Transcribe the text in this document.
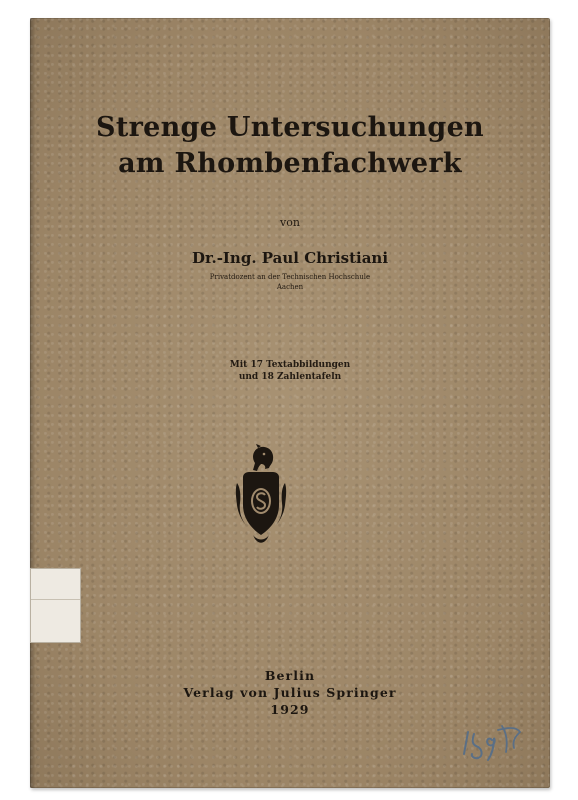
Strenge Untersuchungen
am Rhombenfachwerk
von
Dr.-Ing. Paul Christiani
Privatdozent an der Technischen Hochschule
Aachen
Mit 17 Textabbildungen
und 18 Zahlentafeln
Berlin
Verlag von Julius Springer
1929
